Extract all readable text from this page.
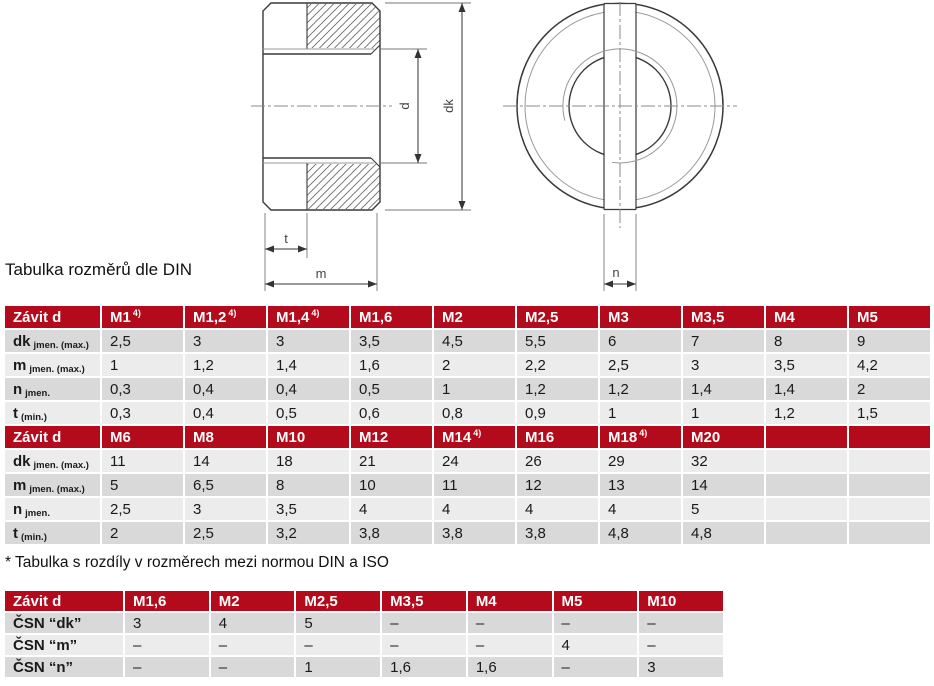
d dk
t
m	n
Tabulka rozměrů dle DIN
Závit d	M1 $^{4)}$	M1,2 $^{4)}$	M1,4 $^{4)}$	M1,6	M2	M2,5	M3	M3,5	M4	M5
dk jmen. (max.)	2,5	3	3	3,5	4,5	5,5	6	7	8	9
m jmen. (max.)	1	1,2	1,4	1,6	2	2,2	2,5	3	3,5	4,2
n jmen.	0,3	0,4	0,4	0,5	1	1,2	1,2	1,4	1,4	2
t (min.)	0,3	0,4	0,5	0,6	0,8	0,9	1	1	1,2	1,5
Závit d	M6	M8	M10	M12	M14 $^{4)}$	M16	M18 $^{4)}$	M20		
dk jmen. (max.)	11	14	18	21	24	26	29	32		
m jmen. (max.)	5	6,5	8	10	11	12	13	14		
n jmen.	2,5	3	3,5	4	4	4	4	5		
t (min.)	2	2,5	3,2	3,8	3,8	3,8	4,8	4,8		
* Tabulka s rozdíly v rozměrech mezi normou DIN a ISO
Závit d	M1,6	M2	M2,5	M3,5	M4	M5	M10
ČSN “dk”	3	4	5	–	–	–	–
ČSN “m”	–	–	–	–	–	4	–
ČSN “n”	–	–	1	1,6	1,6	–	3
